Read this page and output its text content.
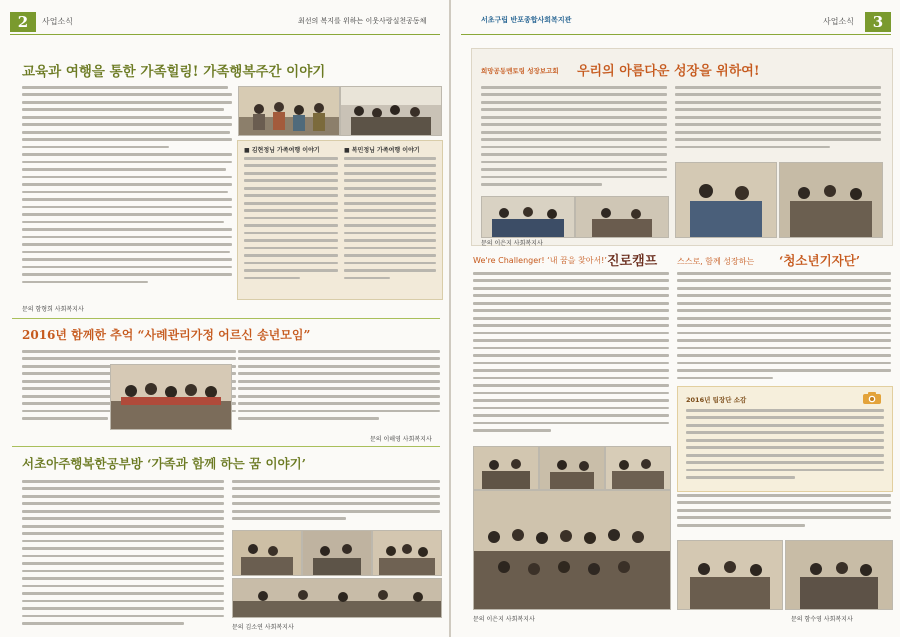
2	사업소식	최선의 복지를 위하는 이웃사랑실천공동체
교육과 여행을 통한 가족힐링! 가족행복주간 이야기
■ 김현정님 가족여행 이야기	■ 복민정님 가족여행 이야기
문의 함형희 사회복지사
2016년 함께한 추억 “사례관리가정 어르신 송년모임”
문의 이해영 사회복지사
서초아주행복한공부방 ‘가족과 함께 하는 꿈 이야기’
문의 김소연 사회복지사
서초구립 반포종합사회복지관	사업소식	3
희망공동멘토링 성장보고회 우리의 아름다운 성장을 위하여!
문의 이은지 사회복지사
We're Challenger! ‘내 꿈을 찾아서!’ 진로캠프
문의 이은지 사회복지사
스스로, 함께 성장하는 ‘청소년기자단’
2016년 팀장단 소감
문의 함수영 사회복지사
